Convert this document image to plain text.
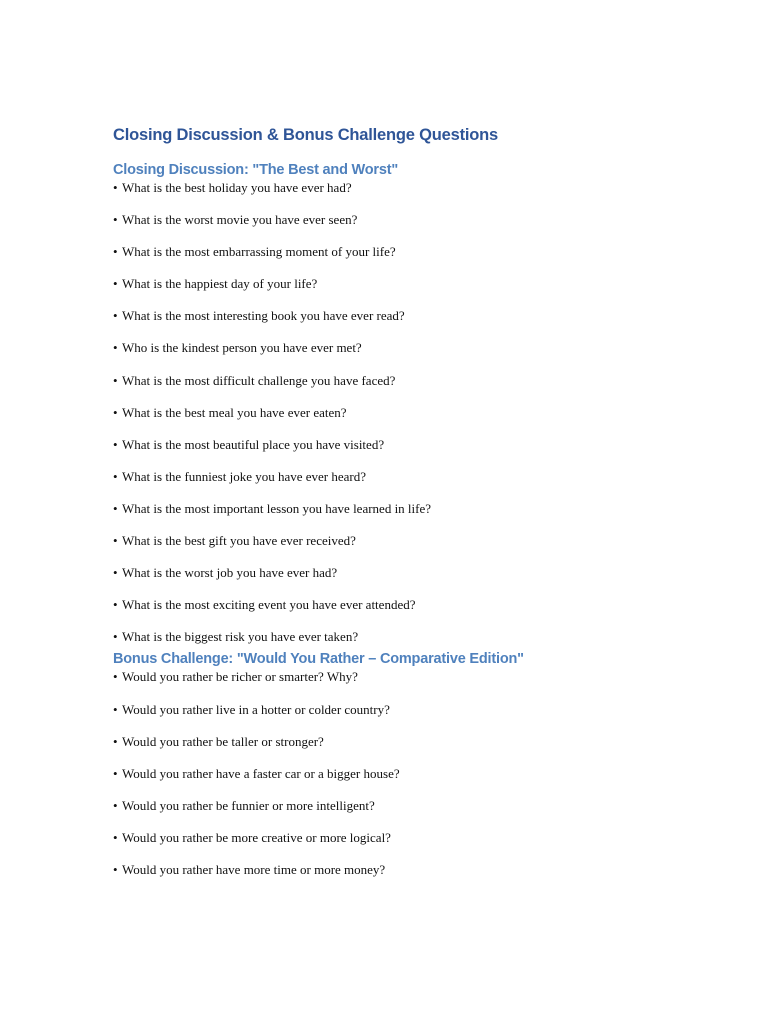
Closing Discussion & Bonus Challenge Questions
Closing Discussion: "The Best and Worst"
• What is the best holiday you have ever had?
• What is the worst movie you have ever seen?
• What is the most embarrassing moment of your life?
• What is the happiest day of your life?
• What is the most interesting book you have ever read?
• Who is the kindest person you have ever met?
• What is the most difficult challenge you have faced?
• What is the best meal you have ever eaten?
• What is the most beautiful place you have visited?
• What is the funniest joke you have ever heard?
• What is the most important lesson you have learned in life?
• What is the best gift you have ever received?
• What is the worst job you have ever had?
• What is the most exciting event you have ever attended?
• What is the biggest risk you have ever taken?
Bonus Challenge: "Would You Rather – Comparative Edition"
• Would you rather be richer or smarter? Why?
• Would you rather live in a hotter or colder country?
• Would you rather be taller or stronger?
• Would you rather have a faster car or a bigger house?
• Would you rather be funnier or more intelligent?
• Would you rather be more creative or more logical?
• Would you rather have more time or more money?
